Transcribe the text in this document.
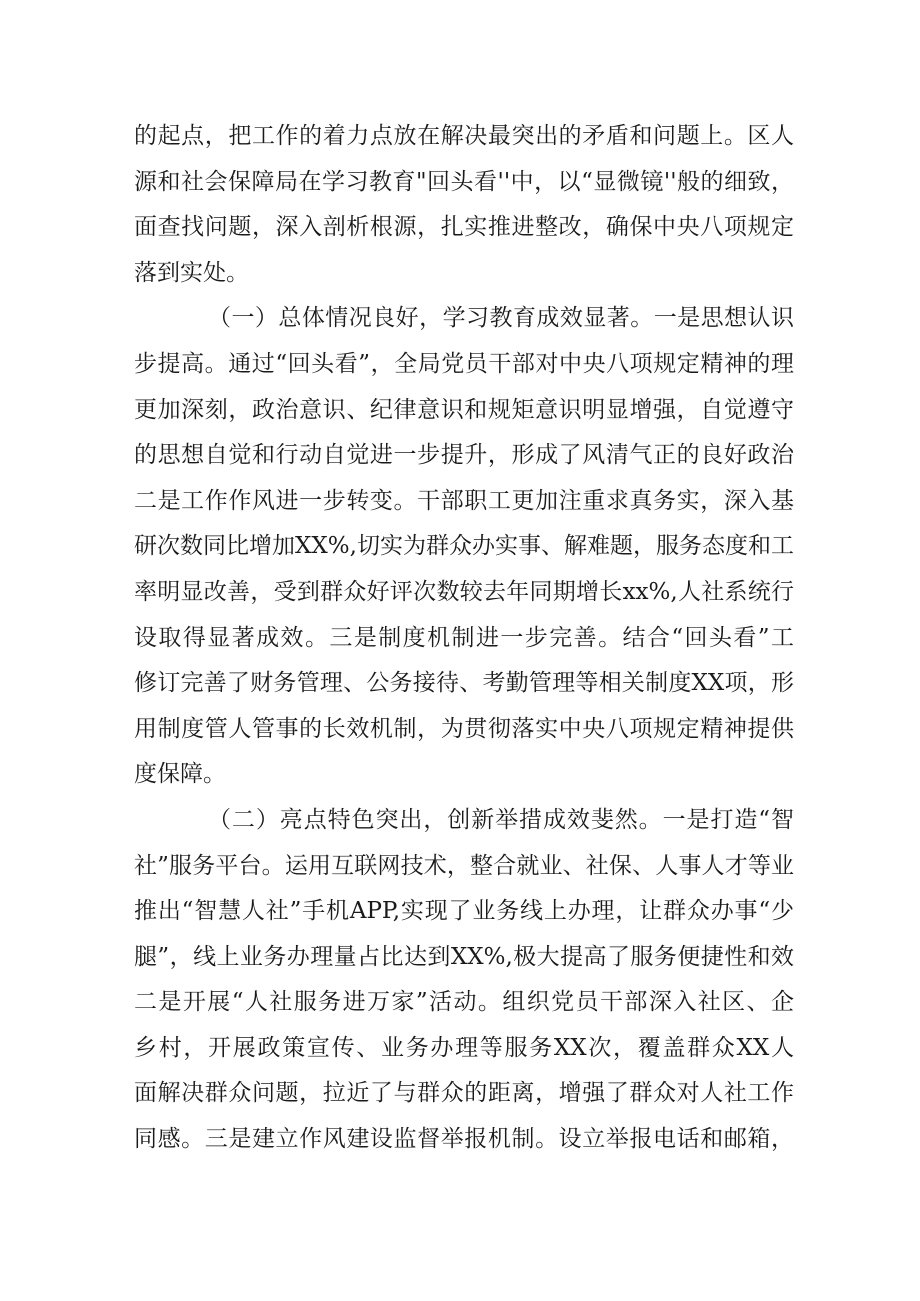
的起点，把工作的着力点放在解决最突出的矛盾和问题上。区人
源和社会保障局在学习教育"回头看''中，以“显微镜''般的细致，
面查找问题，深入剖析根源，扎实推进整改，确保中央八项规定
落到实处。
（一）总体情况良好，学习教育成效显著。一是思想认识
步提高。通过“回头看”，全局党员干部对中央八项规定精神的理
更加深刻，政治意识、纪律意识和规矩意识明显增强，自觉遵守
的思想自觉和行动自觉进一步提升，形成了风清气正的良好政治
二是工作作风进一步转变。干部职工更加注重求真务实，深入基
研次数同比增加XX%,切实为群众办实事、解难题，服务态度和工
率明显改善，受到群众好评次数较去年同期增长xx%,人社系统行
设取得显著成效。三是制度机制进一步完善。结合“回头看”工
修订完善了财务管理、公务接待、考勤管理等相关制度XX项，形
用制度管人管事的长效机制，为贯彻落实中央八项规定精神提供
度保障。
（二）亮点特色突出，创新举措成效斐然。一是打造“智
社”服务平台。运用互联网技术，整合就业、社保、人事人才等业
推出“智慧人社”手机APP,实现了业务线上办理，让群众办事“少
腿”，线上业务办理量占比达到XX%,极大提高了服务便捷性和效
二是开展“人社服务进万家”活动。组织党员干部深入社区、企
乡村，开展政策宣传、业务办理等服务XX次，覆盖群众XX人
面解决群众问题，拉近了与群众的距离，增强了群众对人社工作
同感。三是建立作风建设监督举报机制。设立举报电话和邮箱，
